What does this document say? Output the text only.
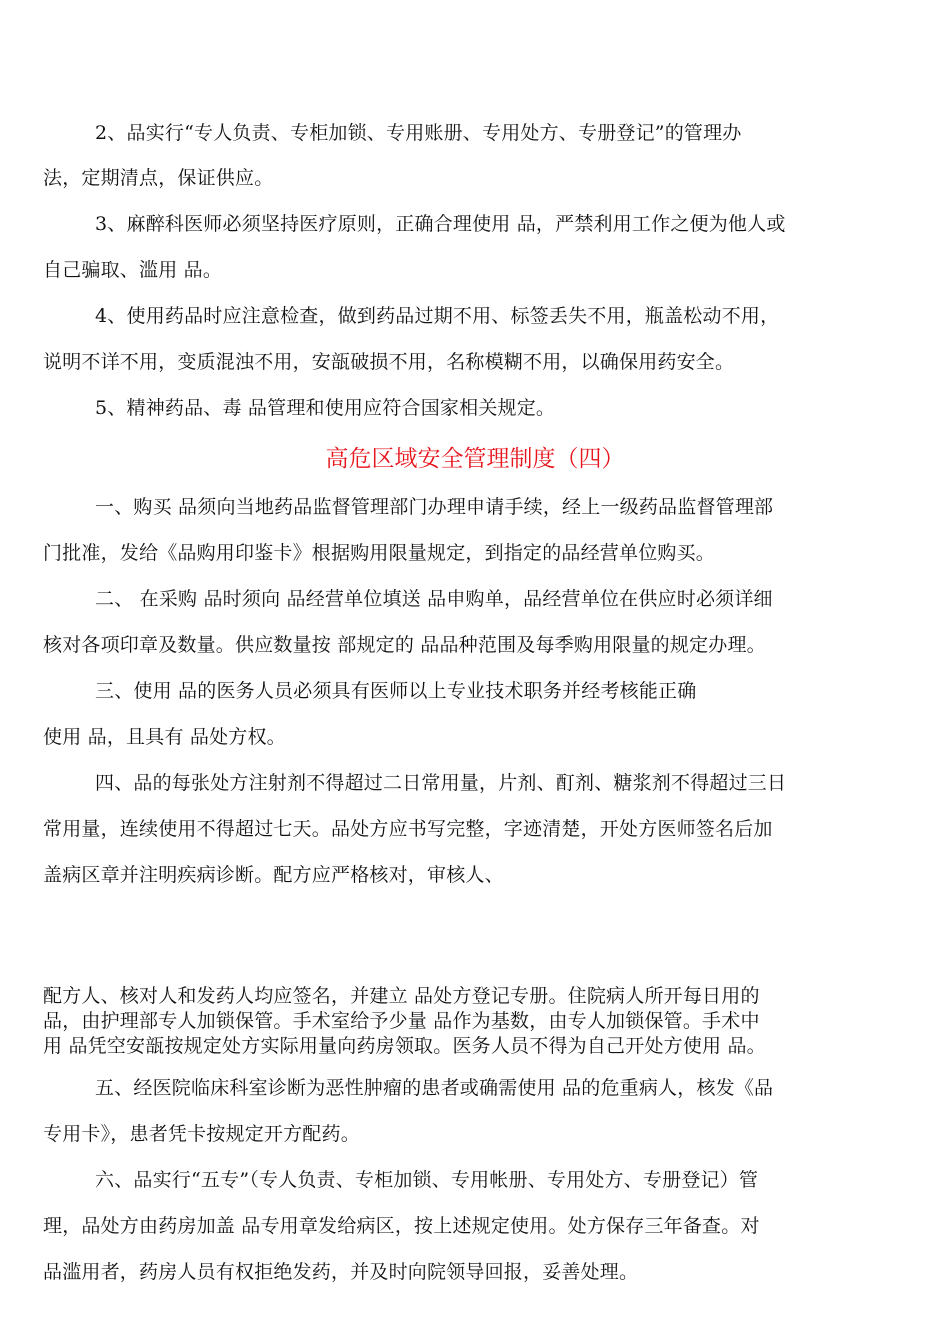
2、品实行“专人负责、专柜加锁、专用账册、专用处方、专册登记”的管理办
法，定期清点，保证供应。
3、麻醉科医师必须坚持医疗原则，正确合理使用 品，严禁利用工作之便为他人或
自己骗取、滥用 品。
4、使用药品时应注意检查，做到药品过期不用、标签丢失不用，瓶盖松动不用，
说明不详不用，变质混浊不用，安瓿破损不用，名称模糊不用，以确保用药安全。
5、精神药品、毒 品管理和使用应符合国家相关规定。
高危区域安全管理制度（四）
一、购买 品须向当地药品监督管理部门办理申请手续，经上一级药品监督管理部
门批准，发给《品购用印鉴卡》根据购用限量规定，到指定的品经营单位购买。
二、 在采购 品时须向 品经营单位填送 品申购单，品经营单位在供应时必须详细
核对各项印章及数量。供应数量按 部规定的 品品种范围及每季购用限量的规定办理。
三、使用 品的医务人员必须具有医师以上专业技术职务并经考核能正确
使用 品，且具有 品处方权。
四、品的每张处方注射剂不得超过二日常用量，片剂、酊剂、糖浆剂不得超过三日
常用量，连续使用不得超过七天。品处方应书写完整，字迹清楚，开处方医师签名后加
盖病区章并注明疾病诊断。配方应严格核对，审核人、
配方人、核对人和发药人均应签名，并建立 品处方登记专册。住院病人所开每日用的
品，由护理部专人加锁保管。手术室给予少量 品作为基数，由专人加锁保管。手术中
用 品凭空安瓿按规定处方实际用量向药房领取。医务人员不得为自己开处方使用 品。
五、经医院临床科室诊断为恶性肿瘤的患者或确需使用 品的危重病人，核发《品
专用卡》，患者凭卡按规定开方配药。
六、品实行“五专”（专人负责、专柜加锁、专用帐册、专用处方、专册登记）管
理，品处方由药房加盖 品专用章发给病区，按上述规定使用。处方保存三年备查。对
品滥用者，药房人员有权拒绝发药，并及时向院领导回报，妥善处理。
